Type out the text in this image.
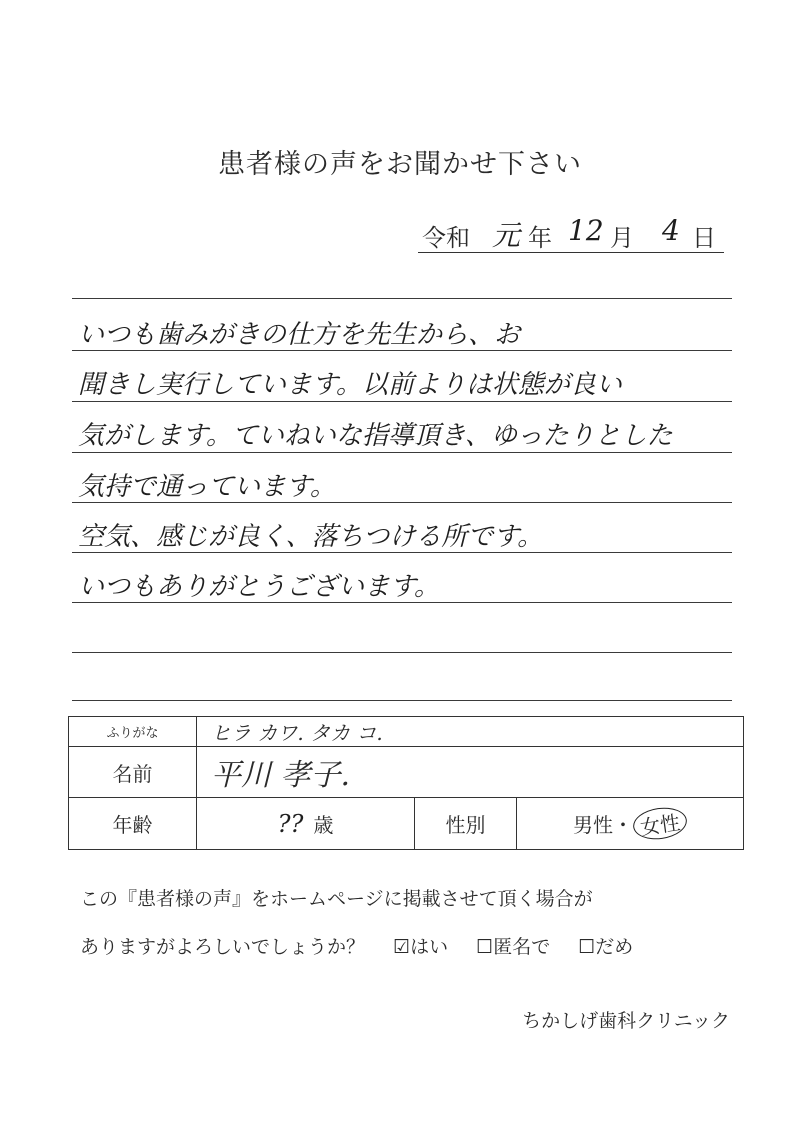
患者様の声をお聞かせ下さい
令和 元 年 12 月 4 日
いつも歯みがきの仕方を先生から、お
聞きし実行しています。以前よりは状態が良い
気がします。ていねいな指導頂き、ゆったりとした
気持で通っています。
空気、感じが良く、落ちつける所です。
いつもありがとうございます。
ふりがな	ヒラ カワ. タカ コ.		
名前	平川 孝子.		
年齢	?? 歳	性別	男性・ 女性
この『患者様の声』をホームページに掲載させて頂く場合が
ありますがよろしいでしょうか？ ☑はい ☐匿名で ☐だめ
ちかしげ歯科クリニック
